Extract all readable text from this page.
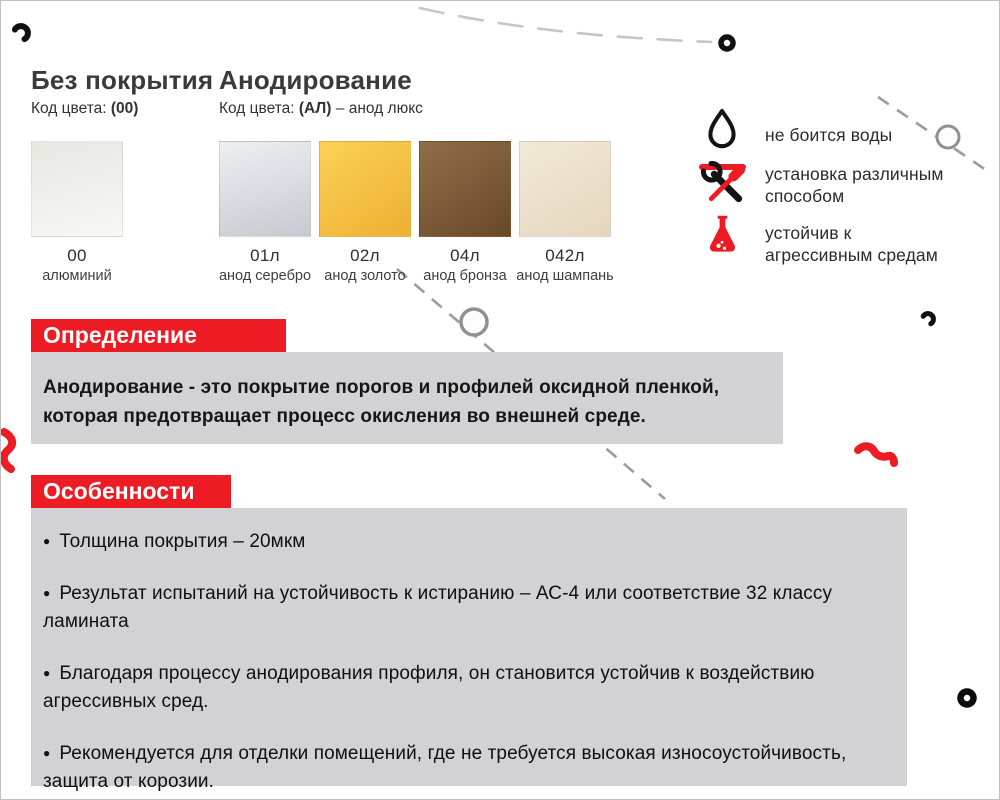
Без покрытия
Код цвета: (00)
Анодирование
Код цвета: (АЛ) – анод люкс
00
алюминий
01л
анод серебро
02л
анод золото
04л
анод бронза
042л
анод шампань
не боится воды
установка различным способом
устойчив к агрессивным средам
Определение
Анодирование - это покрытие порогов и профилей оксидной пленкой, которая предотвращает процесс окисления во внешней среде.
Особенности
● Толщина покрытия – 20мкм
● Результат испытаний на устойчивость к истиранию – АС-4 или соответствие 32 классу ламината
● Благодаря процессу анодирования профиля, он становится устойчив к воздействию агрессивных сред.
● Рекомендуется для отделки помещений, где не требуется высокая износоустойчивость, защита от корозии.
